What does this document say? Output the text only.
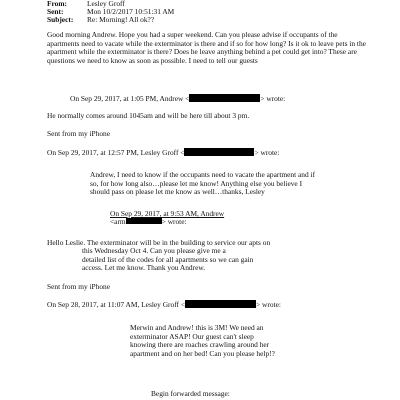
From:	Lesley Groff
Sent:	Mon 10/2/2017 10:51:31 AM
Subject:	Re: Morning! All ok??
Good morning Andrew. Hope you had a super weekend. Can you please advise if occupants of the apartments need to vacate while the exterminator is there and if so for how long? Is it ok to leave pets in the apartment while the exterminator is there? Does he leave anything behind a pet could get into? These are questions we need to know as soon as possible. I need to tell our guests
On Sep 29, 2017, at 1:05 PM, Andrew <	> wrote:
He normally comes around 1045am and will be here till about 3 pm.
Sent from my iPhone
On Sep 29, 2017, at 12:57 PM, Lesley Groff <	> wrote:
Andrew, I need to know if the occupants need to vacate the apartment and if so, for how long also…please let me know! Anything else you believe I should pass on please let me know as well…thanks, Lesley
On Sep 29, 2017, at 9:53 AM, Andrew
<arm	> wrote:
Hello Leslie. The exterminator will be in the building to service our apts on
this Wednesday Oct 4. Can you please give me a
detailed list of the codes for all apartments so we can gain
access. Let me know. Thank you Andrew.
Sent from my iPhone
On Sep 28, 2017, at 11:07 AM, Lesley Groff <	> wrote:
Merwin and Andrew! this is 3M! We need an exterminator ASAP! Our guest can't sleep knowing there are roaches crawling around her apartment and on her bed! Can you please help!?
Begin forwarded message:
